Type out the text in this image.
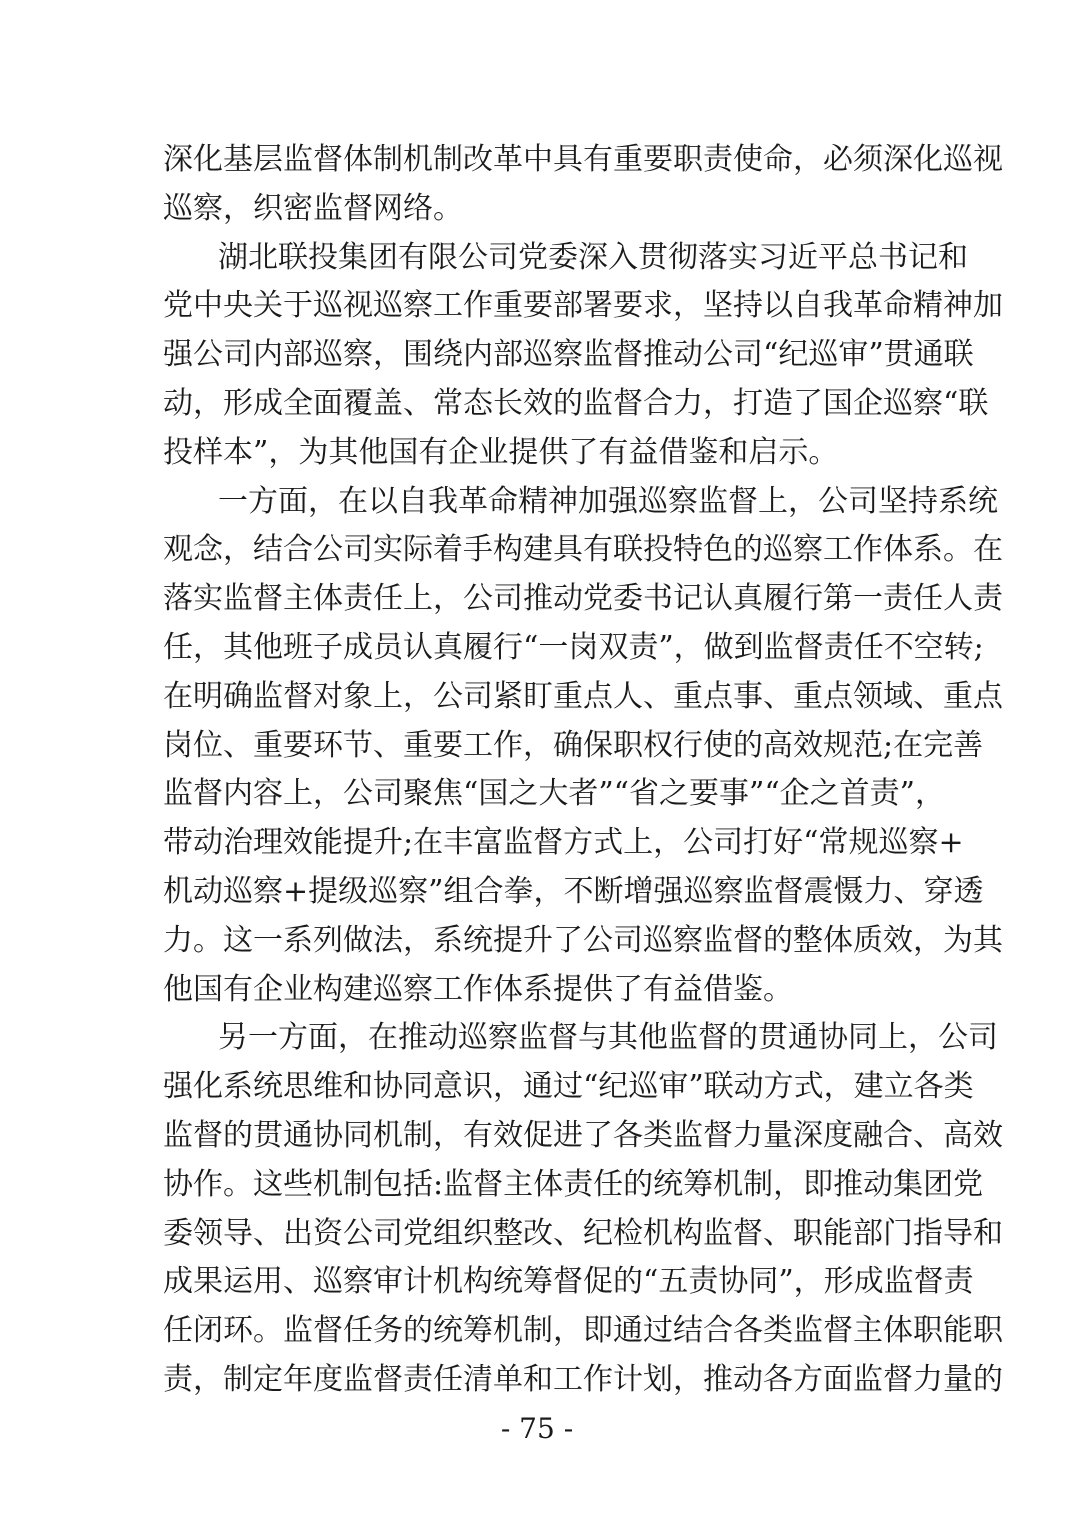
深化基层监督体制机制改革中具有重要职责使命，必须深化巡视
巡察，织密监督网络。
湖北联投集团有限公司党委深入贯彻落实习近平总书记和
党中央关于巡视巡察工作重要部署要求，坚持以自我革命精神加
强公司内部巡察，围绕内部巡察监督推动公司“纪巡审”贯通联
动，形成全面覆盖、常态长效的监督合力，打造了国企巡察“联
投样本”，为其他国有企业提供了有益借鉴和启示。
一方面，在以自我革命精神加强巡察监督上，公司坚持系统
观念，结合公司实际着手构建具有联投特色的巡察工作体系。在
落实监督主体责任上，公司推动党委书记认真履行第一责任人责
任，其他班子成员认真履行“一岗双责”，做到监督责任不空转;
在明确监督对象上，公司紧盯重点人、重点事、重点领域、重点
岗位、重要环节、重要工作，确保职权行使的高效规范;在完善
监督内容上，公司聚焦“国之大者”“省之要事”“企之首责”，
带动治理效能提升;在丰富监督方式上，公司打好“常规巡察+
机动巡察+提级巡察”组合拳，不断增强巡察监督震慑力、穿透
力。这一系列做法，系统提升了公司巡察监督的整体质效，为其
他国有企业构建巡察工作体系提供了有益借鉴。
另一方面，在推动巡察监督与其他监督的贯通协同上，公司
强化系统思维和协同意识，通过“纪巡审”联动方式，建立各类
监督的贯通协同机制，有效促进了各类监督力量深度融合、高效
协作。这些机制包括:监督主体责任的统筹机制，即推动集团党
委领导、出资公司党组织整改、纪检机构监督、职能部门指导和
成果运用、巡察审计机构统筹督促的“五责协同”，形成监督责
任闭环。监督任务的统筹机制，即通过结合各类监督主体职能职
责，制定年度监督责任清单和工作计划，推动各方面监督力量的
- 75 -
